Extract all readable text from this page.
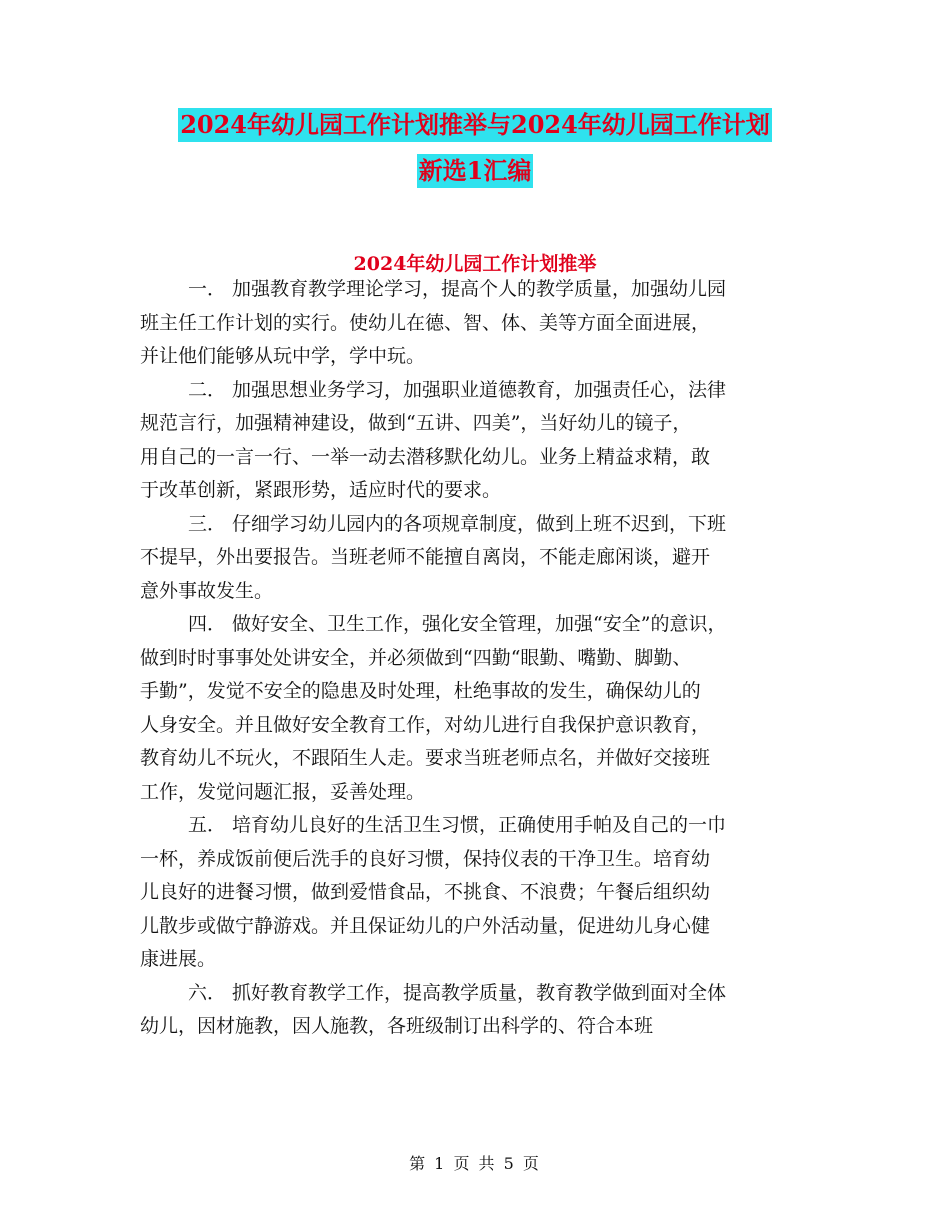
2024年幼儿园工作计划推举与2024年幼儿园工作计划
新选1汇编
2024年幼儿园工作计划推举
一． 加强教育教学理论学习，提高个人的教学质量，加强幼儿园
班主任工作计划的实行。使幼儿在德、智、体、美等方面全面进展，
并让他们能够从玩中学，学中玩。
二． 加强思想业务学习，加强职业道德教育，加强责任心，法律
规范言行，加强精神建设，做到“五讲、四美”，当好幼儿的镜子，
用自己的一言一行、一举一动去潜移默化幼儿。业务上精益求精，敢
于改革创新，紧跟形势，适应时代的要求。
三． 仔细学习幼儿园内的各项规章制度，做到上班不迟到，下班
不提早，外出要报告。当班老师不能擅自离岗，不能走廊闲谈，避开
意外事故发生。
四． 做好安全、卫生工作，强化安全管理，加强“安全”的意识，
做到时时事事处处讲安全，并必须做到“四勤“眼勤、嘴勤、脚勤、
手勤”，发觉不安全的隐患及时处理，杜绝事故的发生，确保幼儿的
人身安全。并且做好安全教育工作，对幼儿进行自我保护意识教育，
教育幼儿不玩火，不跟陌生人走。要求当班老师点名，并做好交接班
工作，发觉问题汇报，妥善处理。
五． 培育幼儿良好的生活卫生习惯，正确使用手帕及自己的一巾
一杯，养成饭前便后洗手的良好习惯，保持仪表的干净卫生。培育幼
儿良好的进餐习惯，做到爱惜食品，不挑食、不浪费；午餐后组织幼
儿散步或做宁静游戏。并且保证幼儿的户外活动量，促进幼儿身心健
康进展。
六． 抓好教育教学工作，提高教学质量，教育教学做到面对全体
幼儿，因材施教，因人施教，各班级制订出科学的、符合本班
第 1 页 共 5 页
